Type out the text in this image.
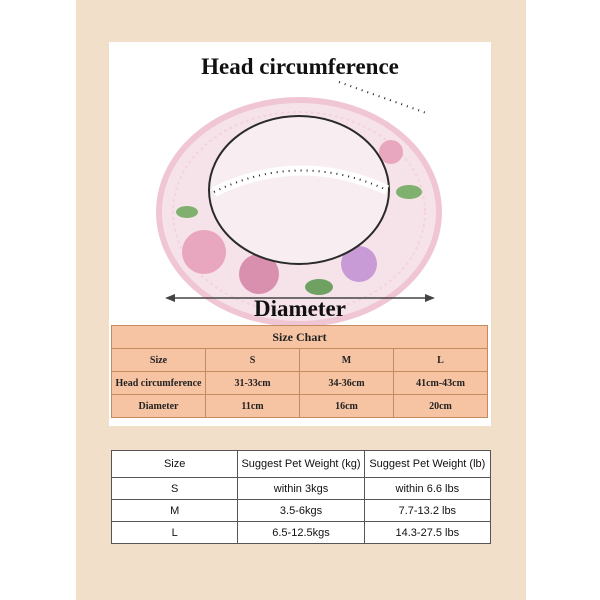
Head circumference
Diameter
Size Chart			
Size	S	M	L
Head circumference	31-33cm	34-36cm	41cm-43cm
Diameter	11cm	16cm	20cm
Size	Suggest Pet Weight (kg)	Suggest Pet Weight (lb)
S	within 3kgs	within 6.6 lbs
M	3.5-6kgs	7.7-13.2 lbs
L	6.5-12.5kgs	14.3-27.5 lbs
